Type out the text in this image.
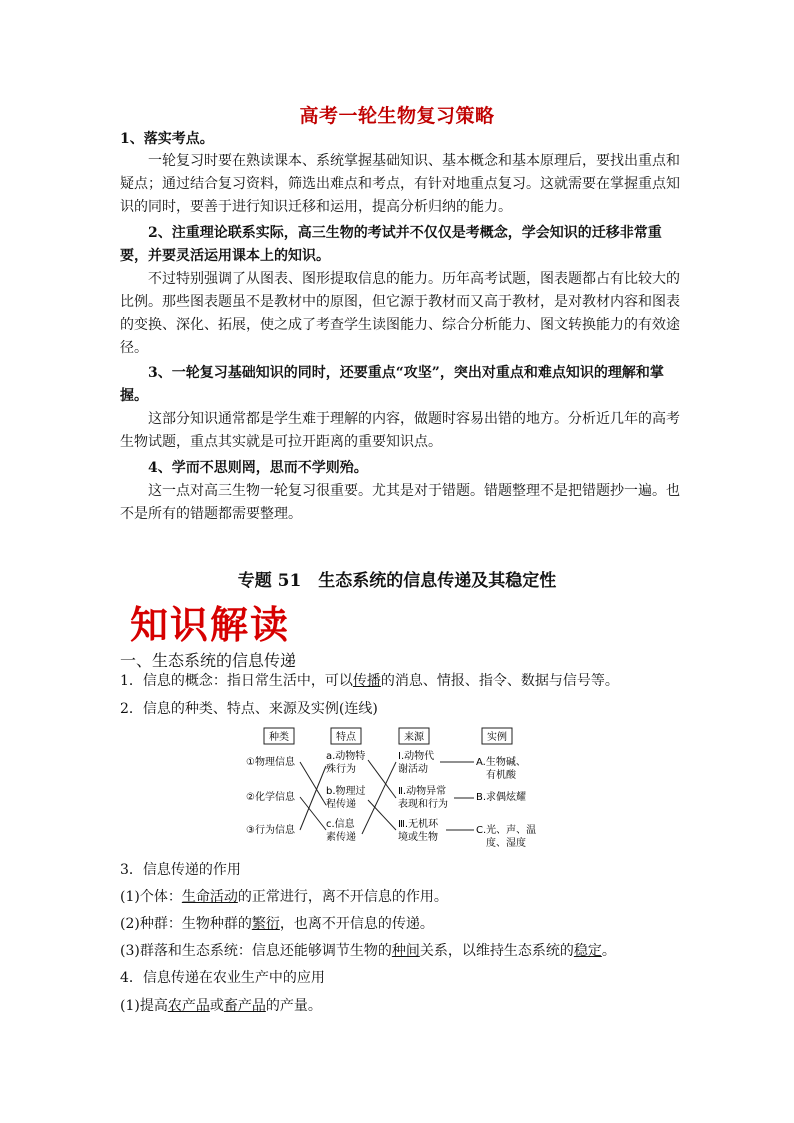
高考一轮生物复习策略
1、落实考点。
一轮复习时要在熟读课本、系统掌握基础知识、基本概念和基本原理后，要找出重点和疑点；通过结合复习资料，筛选出难点和考点，有针对地重点复习。这就需要在掌握重点知识的同时，要善于进行知识迁移和运用，提高分析归纳的能力。
2、注重理论联系实际，高三生物的考试并不仅仅是考概念，学会知识的迁移非常重要，并要灵活运用课本上的知识。
不过特别强调了从图表、图形提取信息的能力。历年高考试题，图表题都占有比较大的比例。那些图表题虽不是教材中的原图，但它源于教材而又高于教材，是对教材内容和图表的变换、深化、拓展，使之成了考查学生读图能力、综合分析能力、图文转换能力的有效途径。
3、一轮复习基础知识的同时，还要重点“攻坚”，突出对重点和难点知识的理解和掌握。
这部分知识通常都是学生难于理解的内容，做题时容易出错的地方。分析近几年的高考生物试题，重点其实就是可拉开距离的重要知识点。
4、学而不思则罔，思而不学则殆。
这一点对高三生物一轮复习很重要。尤其是对于错题。错题整理不是把错题抄一遍。也不是所有的错题都需要整理。
专题 51　生态系统的信息传递及其稳定性
知识解读
一、生态系统的信息传递
1．信息的概念：指日常生活中，可以传播的消息、情报、指令、数据与信号等。
2．信息的种类、特点、来源及实例(连线)
种类	特点	来源	实例
①物理信息
②化学信息
③行为信息
a.动物特
殊行为
b.物理过
程传递
c.信息
素传递
Ⅰ.动物代
谢活动
Ⅱ.动物异常
表现和行为
Ⅲ.无机环
境或生物
A.生物碱、
有机酸
B.求偶炫耀
C.光、声、温
度、湿度
3．信息传递的作用
(1)个体：生命活动的正常进行，离不开信息的作用。
(2)种群：生物种群的繁衍，也离不开信息的传递。
(3)群落和生态系统：信息还能够调节生物的种间关系，以维持生态系统的稳定。
4．信息传递在农业生产中的应用
(1)提高农产品或畜产品的产量。
